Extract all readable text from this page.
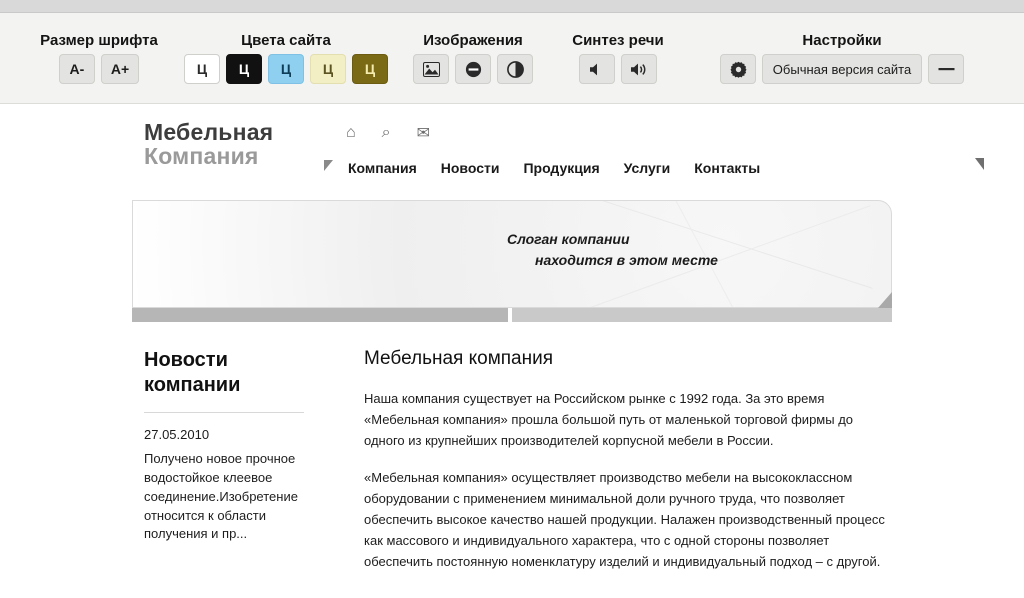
Размер шрифта	Цвета сайта	Изображения	Синтез речи	Настройки
A-	A+	Ц	Ц	Ц	Ц	Ц	Обычная версия сайта
Мебельная
Компания
⌂ ⌕ ✉
Компания Новости Продукция Услуги Контакты
Слоган компании
находится в этом месте
Новости
компании
27.05.2010
Получено новое прочное водостойкое клеевое соединение.Изобретение относится к области получения и пр...
Мебельная компания

Наша компания существует на Российском рынке с 1992 года. За это время «Мебельная компания» прошла большой путь от маленькой торговой фирмы до одного из крупнейших производителей корпусной мебели в России.

«Мебельная компания» осуществляет производство мебели на высококлассном оборудовании с применением минимальной доли ручного труда, что позволяет обеспечить высокое качество нашей продукции. Налажен производственный процесс как массового и индивидуального характера, что с одной стороны позволяет обеспечить постоянную номенклатуру изделий и индивидуальный подход – с другой.
